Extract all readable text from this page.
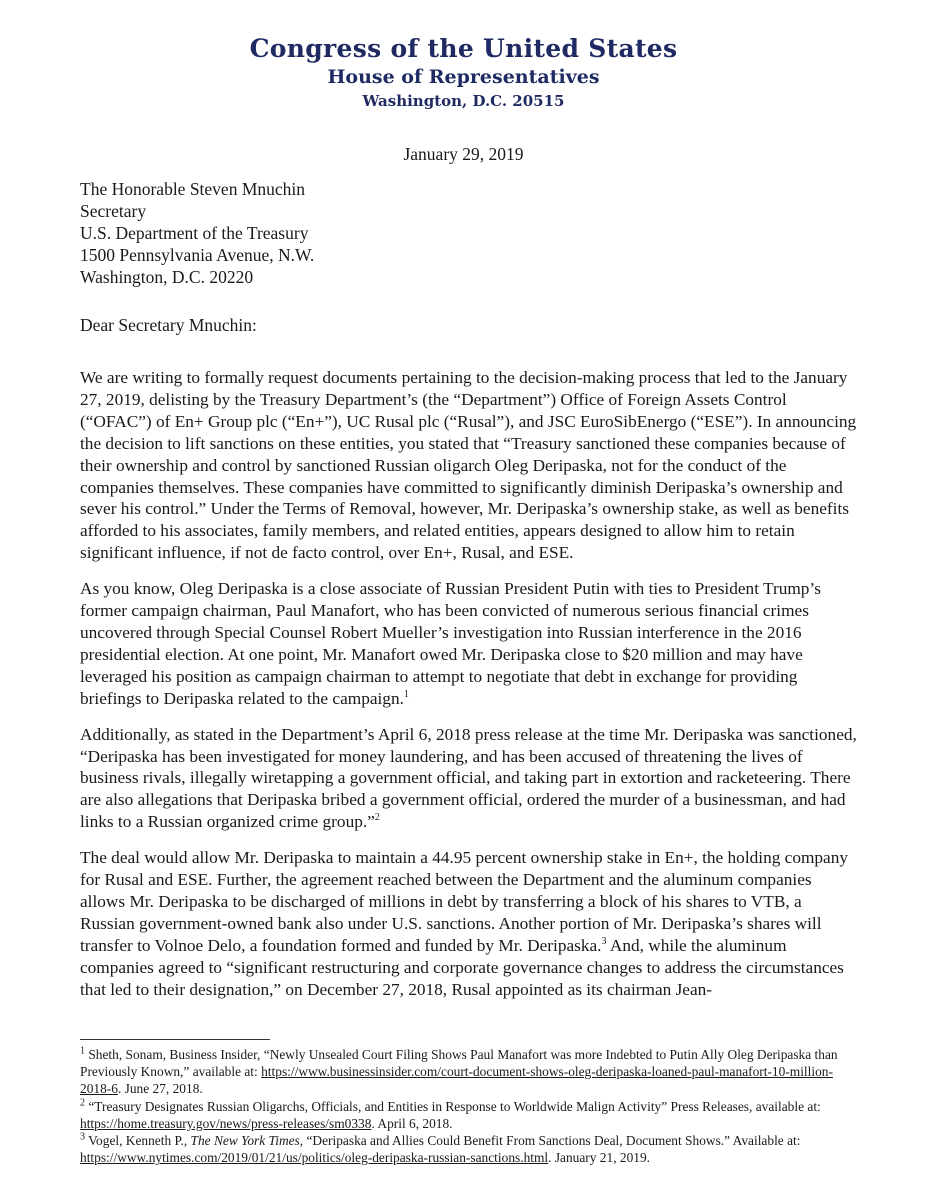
Congress of the United States
House of Representatives
Washington, D.C. 20515
January 29, 2019
The Honorable Steven Mnuchin
Secretary
U.S. Department of the Treasury
1500 Pennsylvania Avenue, N.W.
Washington, D.C. 20220
Dear Secretary Mnuchin:

We are writing to formally request documents pertaining to the decision-making process that led to the January 27, 2019, delisting by the Treasury Department’s (the “Department”) Office of Foreign Assets Control (“OFAC”) of En+ Group plc (“En+”), UC Rusal plc (“Rusal”), and JSC EuroSibEnergo (“ESE”). In announcing the decision to lift sanctions on these entities, you stated that “Treasury sanctioned these companies because of their ownership and control by sanctioned Russian oligarch Oleg Deripaska, not for the conduct of the companies themselves. These companies have committed to significantly diminish Deripaska’s ownership and sever his control.” Under the Terms of Removal, however, Mr. Deripaska’s ownership stake, as well as benefits afforded to his associates, family members, and related entities, appears designed to allow him to retain significant influence, if not de facto control, over En+, Rusal, and ESE.

As you know, Oleg Deripaska is a close associate of Russian President Putin with ties to President Trump’s former campaign chairman, Paul Manafort, who has been convicted of numerous serious financial crimes uncovered through Special Counsel Robert Mueller’s investigation into Russian interference in the 2016 presidential election. At one point, Mr. Manafort owed Mr. Deripaska close to $20 million and may have leveraged his position as campaign chairman to attempt to negotiate that debt in exchange for providing briefings to Deripaska related to the campaign.$^1$

Additionally, as stated in the Department’s April 6, 2018 press release at the time Mr. Deripaska was sanctioned, “Deripaska has been investigated for money laundering, and has been accused of threatening the lives of business rivals, illegally wiretapping a government official, and taking part in extortion and racketeering. There are also allegations that Deripaska bribed a government official, ordered the murder of a businessman, and had links to a Russian organized crime group.”$^2$

The deal would allow Mr. Deripaska to maintain a 44.95 percent ownership stake in En+, the holding company for Rusal and ESE. Further, the agreement reached between the Department and the aluminum companies allows Mr. Deripaska to be discharged of millions in debt by transferring a block of his shares to VTB, a Russian government-owned bank also under U.S. sanctions. Another portion of Mr. Deripaska’s shares will transfer to Volnoe Delo, a foundation formed and funded by Mr. Deripaska.$^3$ And, while the aluminum companies agreed to “significant restructuring and corporate governance changes to address the circumstances that led to their designation,” on December 27, 2018, Rusal appointed as its chairman Jean-

$^1$ Sheth, Sonam, Business Insider, “Newly Unsealed Court Filing Shows Paul Manafort was more Indebted to Putin Ally Oleg Deripaska than Previously Known,” available at: https://www.businessinsider.com/court-document-shows-oleg-deripaska-loaned-paul-manafort-10-million-2018-6. June 27, 2018.

$^2$ “Treasury Designates Russian Oligarchs, Officials, and Entities in Response to Worldwide Malign Activity” Press Releases, available at: https://home.treasury.gov/news/press-releases/sm0338. April 6, 2018.

$^3$ Vogel, Kenneth P., The New York Times, “Deripaska and Allies Could Benefit From Sanctions Deal, Document Shows.” Available at: https://www.nytimes.com/2019/01/21/us/politics/oleg-deripaska-russian-sanctions.html. January 21, 2019.
